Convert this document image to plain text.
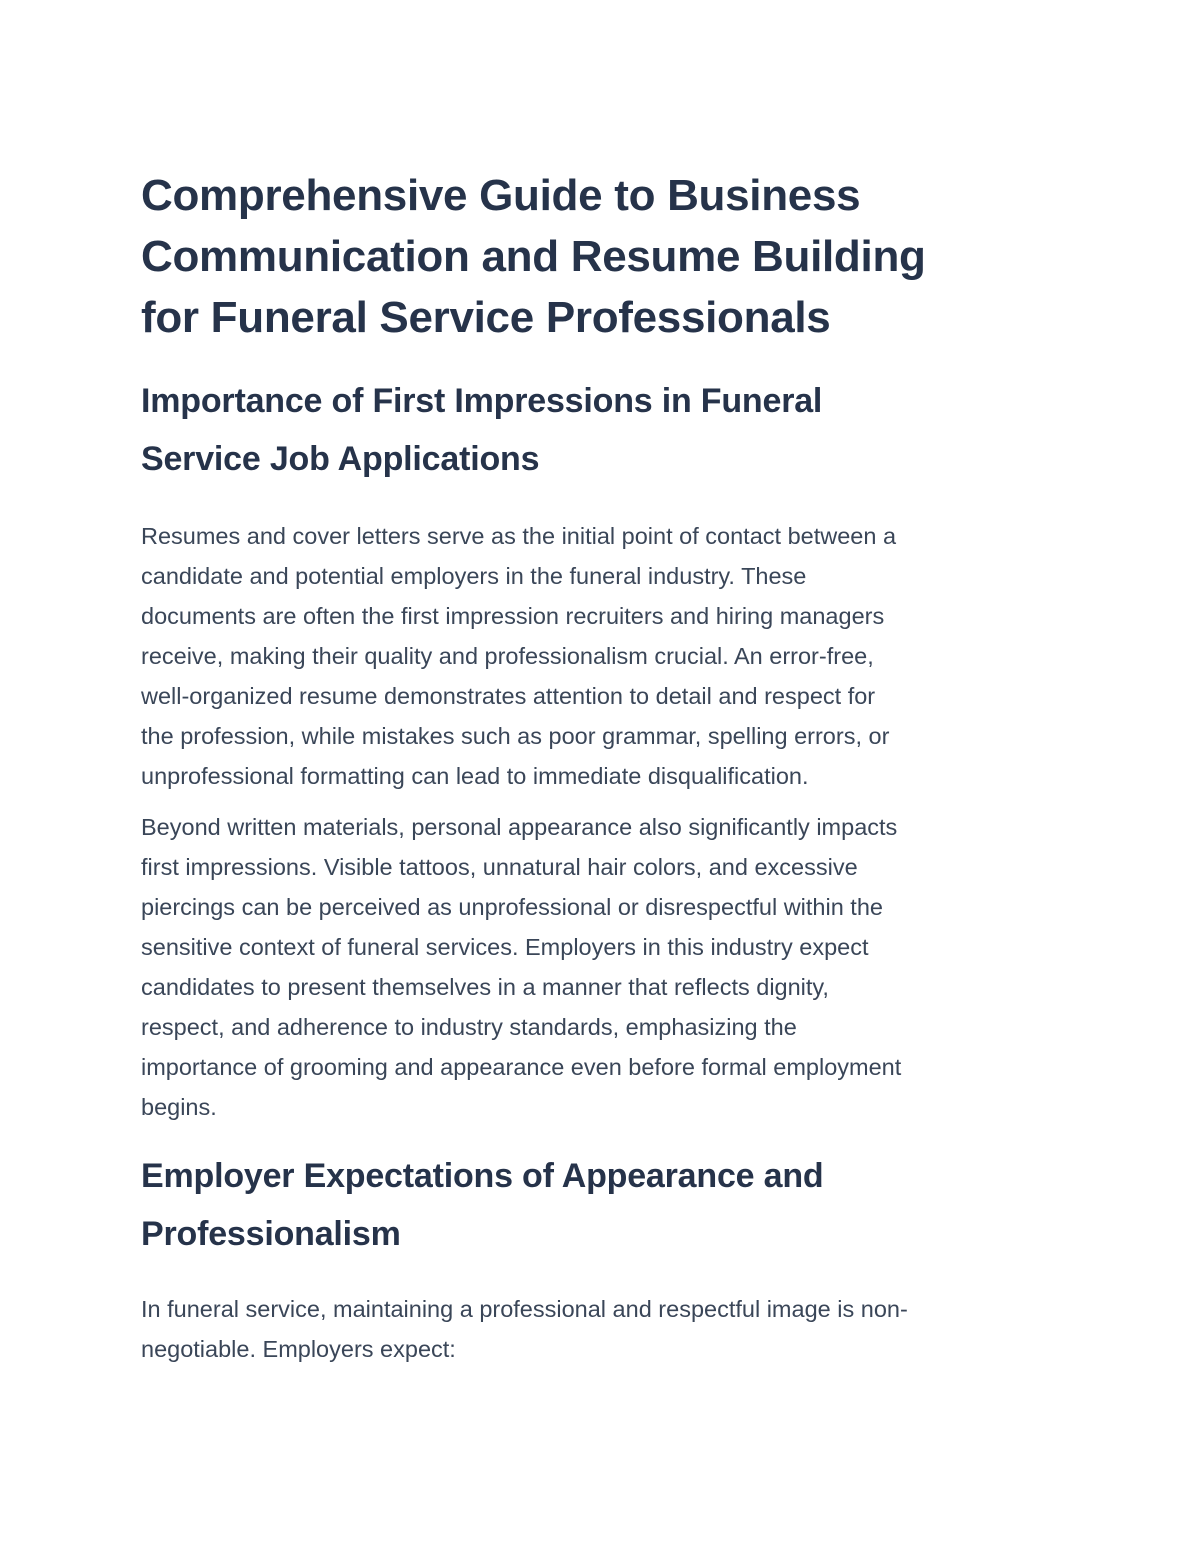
Comprehensive Guide to Business
Communication and Resume Building
for Funeral Service Professionals
Importance of First Impressions in Funeral
Service Job Applications

Resumes and cover letters serve as the initial point of contact between a
candidate and potential employers in the funeral industry. These
documents are often the first impression recruiters and hiring managers
receive, making their quality and professionalism crucial. An error-free,
well-organized resume demonstrates attention to detail and respect for
the profession, while mistakes such as poor grammar, spelling errors, or
unprofessional formatting can lead to immediate disqualification.

Beyond written materials, personal appearance also significantly impacts
first impressions. Visible tattoos, unnatural hair colors, and excessive
piercings can be perceived as unprofessional or disrespectful within the
sensitive context of funeral services. Employers in this industry expect
candidates to present themselves in a manner that reflects dignity,
respect, and adherence to industry standards, emphasizing the
importance of grooming and appearance even before formal employment
begins.

Employer Expectations of Appearance and
Professionalism

In funeral service, maintaining a professional and respectful image is non-
negotiable. Employers expect:
